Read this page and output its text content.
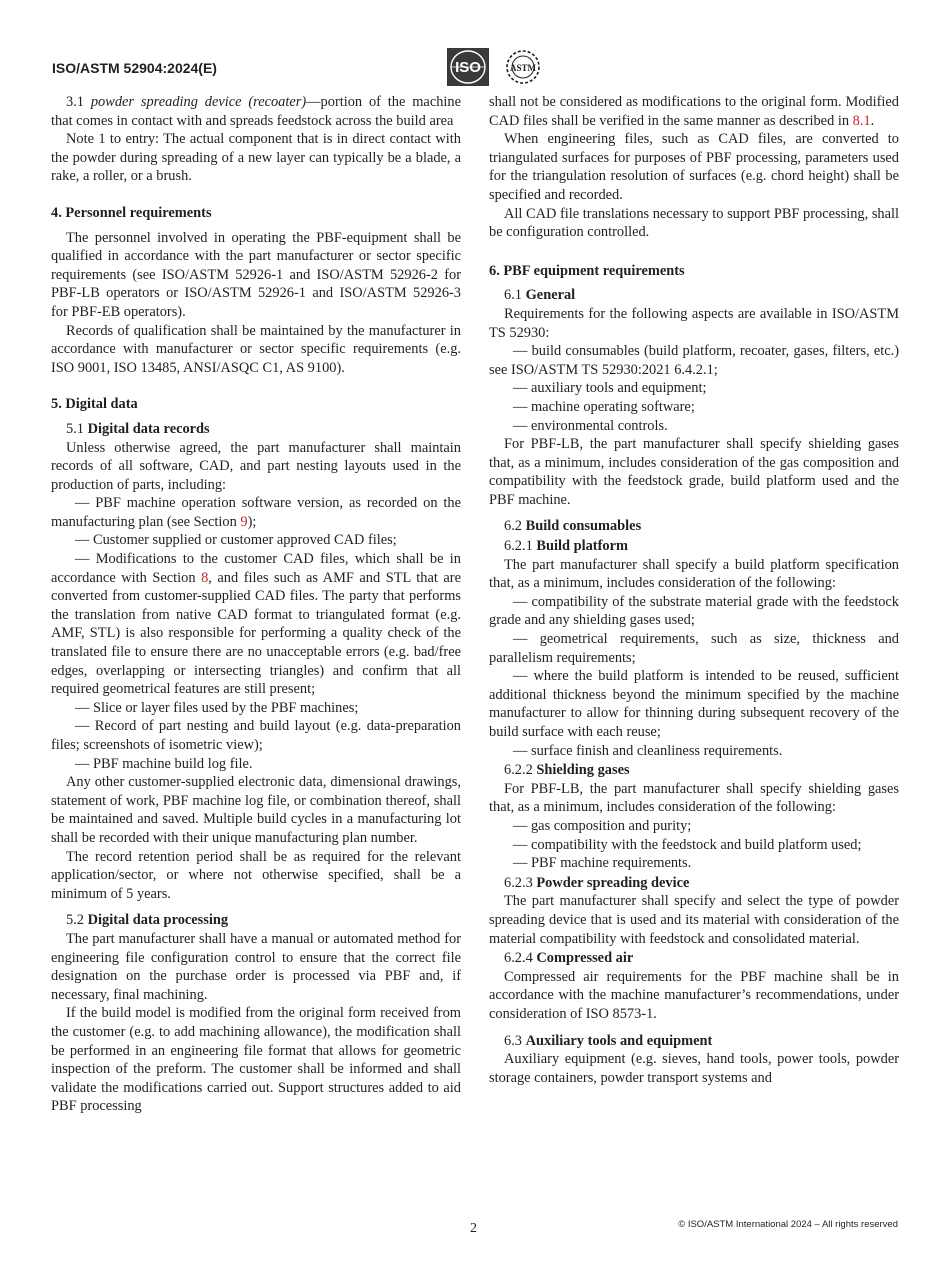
ISO/ASTM 52904:2024(E)	ISO	ASTM

3.1 powder spreading device (recoater)—portion of the machine that comes in contact with and spreads feedstock across the build area

Note 1 to entry: The actual component that is in direct contact with the powder during spreading of a new layer can typically be a blade, a rake, a roller, or a brush.

4. Personnel requirements

The personnel involved in operating the PBF-equipment shall be qualified in accordance with the part manufacturer or sector specific requirements (see ISO/ASTM 52926-1 and ISO/ASTM 52926-2 for PBF-LB operators or ISO/ASTM 52926-1 and ISO/ASTM 52926-3 for PBF-EB operators).

Records of qualification shall be maintained by the manufacturer in accordance with manufacturer or sector specific requirements (e.g. ISO 9001, ISO 13485, ANSI/ASQC C1, AS 9100).

5. Digital data
5.1 Digital data records

Unless otherwise agreed, the part manufacturer shall maintain records of all software, CAD, and part nesting layouts used in the production of parts, including:

— PBF machine operation software version, as recorded on the manufacturing plan (see Section 9);

— Customer supplied or customer approved CAD files;

— Modifications to the customer CAD files, which shall be in accordance with Section 8, and files such as AMF and STL that are converted from customer-supplied CAD files. The party that performs the translation from native CAD format to triangulated format (e.g. AMF, STL) is also responsible for performing a quality check of the translated file to ensure there are no unacceptable errors (e.g. bad/free edges, overlapping or intersecting triangles) and confirm that all required geometrical features are still present;

— Slice or layer files used by the PBF machines;

— Record of part nesting and build layout (e.g. data-preparation files; screenshots of isometric view);

— PBF machine build log file.

Any other customer-supplied electronic data, dimensional drawings, statement of work, PBF machine log file, or combination thereof, shall be maintained and saved. Multiple build cycles in a manufacturing lot shall be recorded with their unique manufacturing plan number.

The record retention period shall be as required for the relevant application/sector, or where not otherwise specified, shall be a minimum of 5 years.

5.2 Digital data processing

The part manufacturer shall have a manual or automated method for engineering file configuration control to ensure that the correct file designation on the purchase order is processed via PBF and, if necessary, final machining.

If the build model is modified from the original form received from the customer (e.g. to add machining allowance), the modification shall be performed in an engineering file format that allows for geometric inspection of the preform. The customer shall be informed and shall validate the modifications carried out. Support structures added to aid PBF processing

shall not be considered as modifications to the original form. Modified CAD files shall be verified in the same manner as described in 8.1.

When engineering files, such as CAD files, are converted to triangulated surfaces for purposes of PBF processing, parameters used for the triangulation resolution of surfaces (e.g. chord height) shall be specified and recorded.

All CAD file translations necessary to support PBF processing, shall be configuration controlled.

6. PBF equipment requirements
6.1 General

Requirements for the following aspects are available in ISO/ASTM TS 52930:

— build consumables (build platform, recoater, gases, filters, etc.) see ISO/ASTM TS 52930:2021 6.4.2.1;

— auxiliary tools and equipment;

— machine operating software;

— environmental controls.

For PBF-LB, the part manufacturer shall specify shielding gases that, as a minimum, includes consideration of the gas composition and compatibility with the feedstock grade, build platform used and the PBF machine.

6.2 Build consumables
6.2.1 Build platform

The part manufacturer shall specify a build platform specification that, as a minimum, includes consideration of the following:

— compatibility of the substrate material grade with the feedstock grade and any shielding gases used;

— geometrical requirements, such as size, thickness and parallelism requirements;

— where the build platform is intended to be reused, sufficient additional thickness beyond the minimum specified by the machine manufacturer to allow for thinning during subsequent recovery of the build surface with each reuse;

— surface finish and cleanliness requirements.

6.2.2 Shielding gases

For PBF-LB, the part manufacturer shall specify shielding gases that, as a minimum, includes consideration of the following:

— gas composition and purity;

— compatibility with the feedstock and build platform used;

— PBF machine requirements.

6.2.3 Powder spreading device

The part manufacturer shall specify and select the type of powder spreading device that is used and its material with consideration of the material compatibility with feedstock and consolidated material.

6.2.4 Compressed air

Compressed air requirements for the PBF machine shall be in accordance with the machine manufacturer’s recommendations, under consideration of ISO 8573-1.

6.3 Auxiliary tools and equipment

Auxiliary equipment (e.g. sieves, hand tools, power tools, powder storage containers, powder transport systems and

2	© ISO/ASTM International 2024 – All rights reserved
